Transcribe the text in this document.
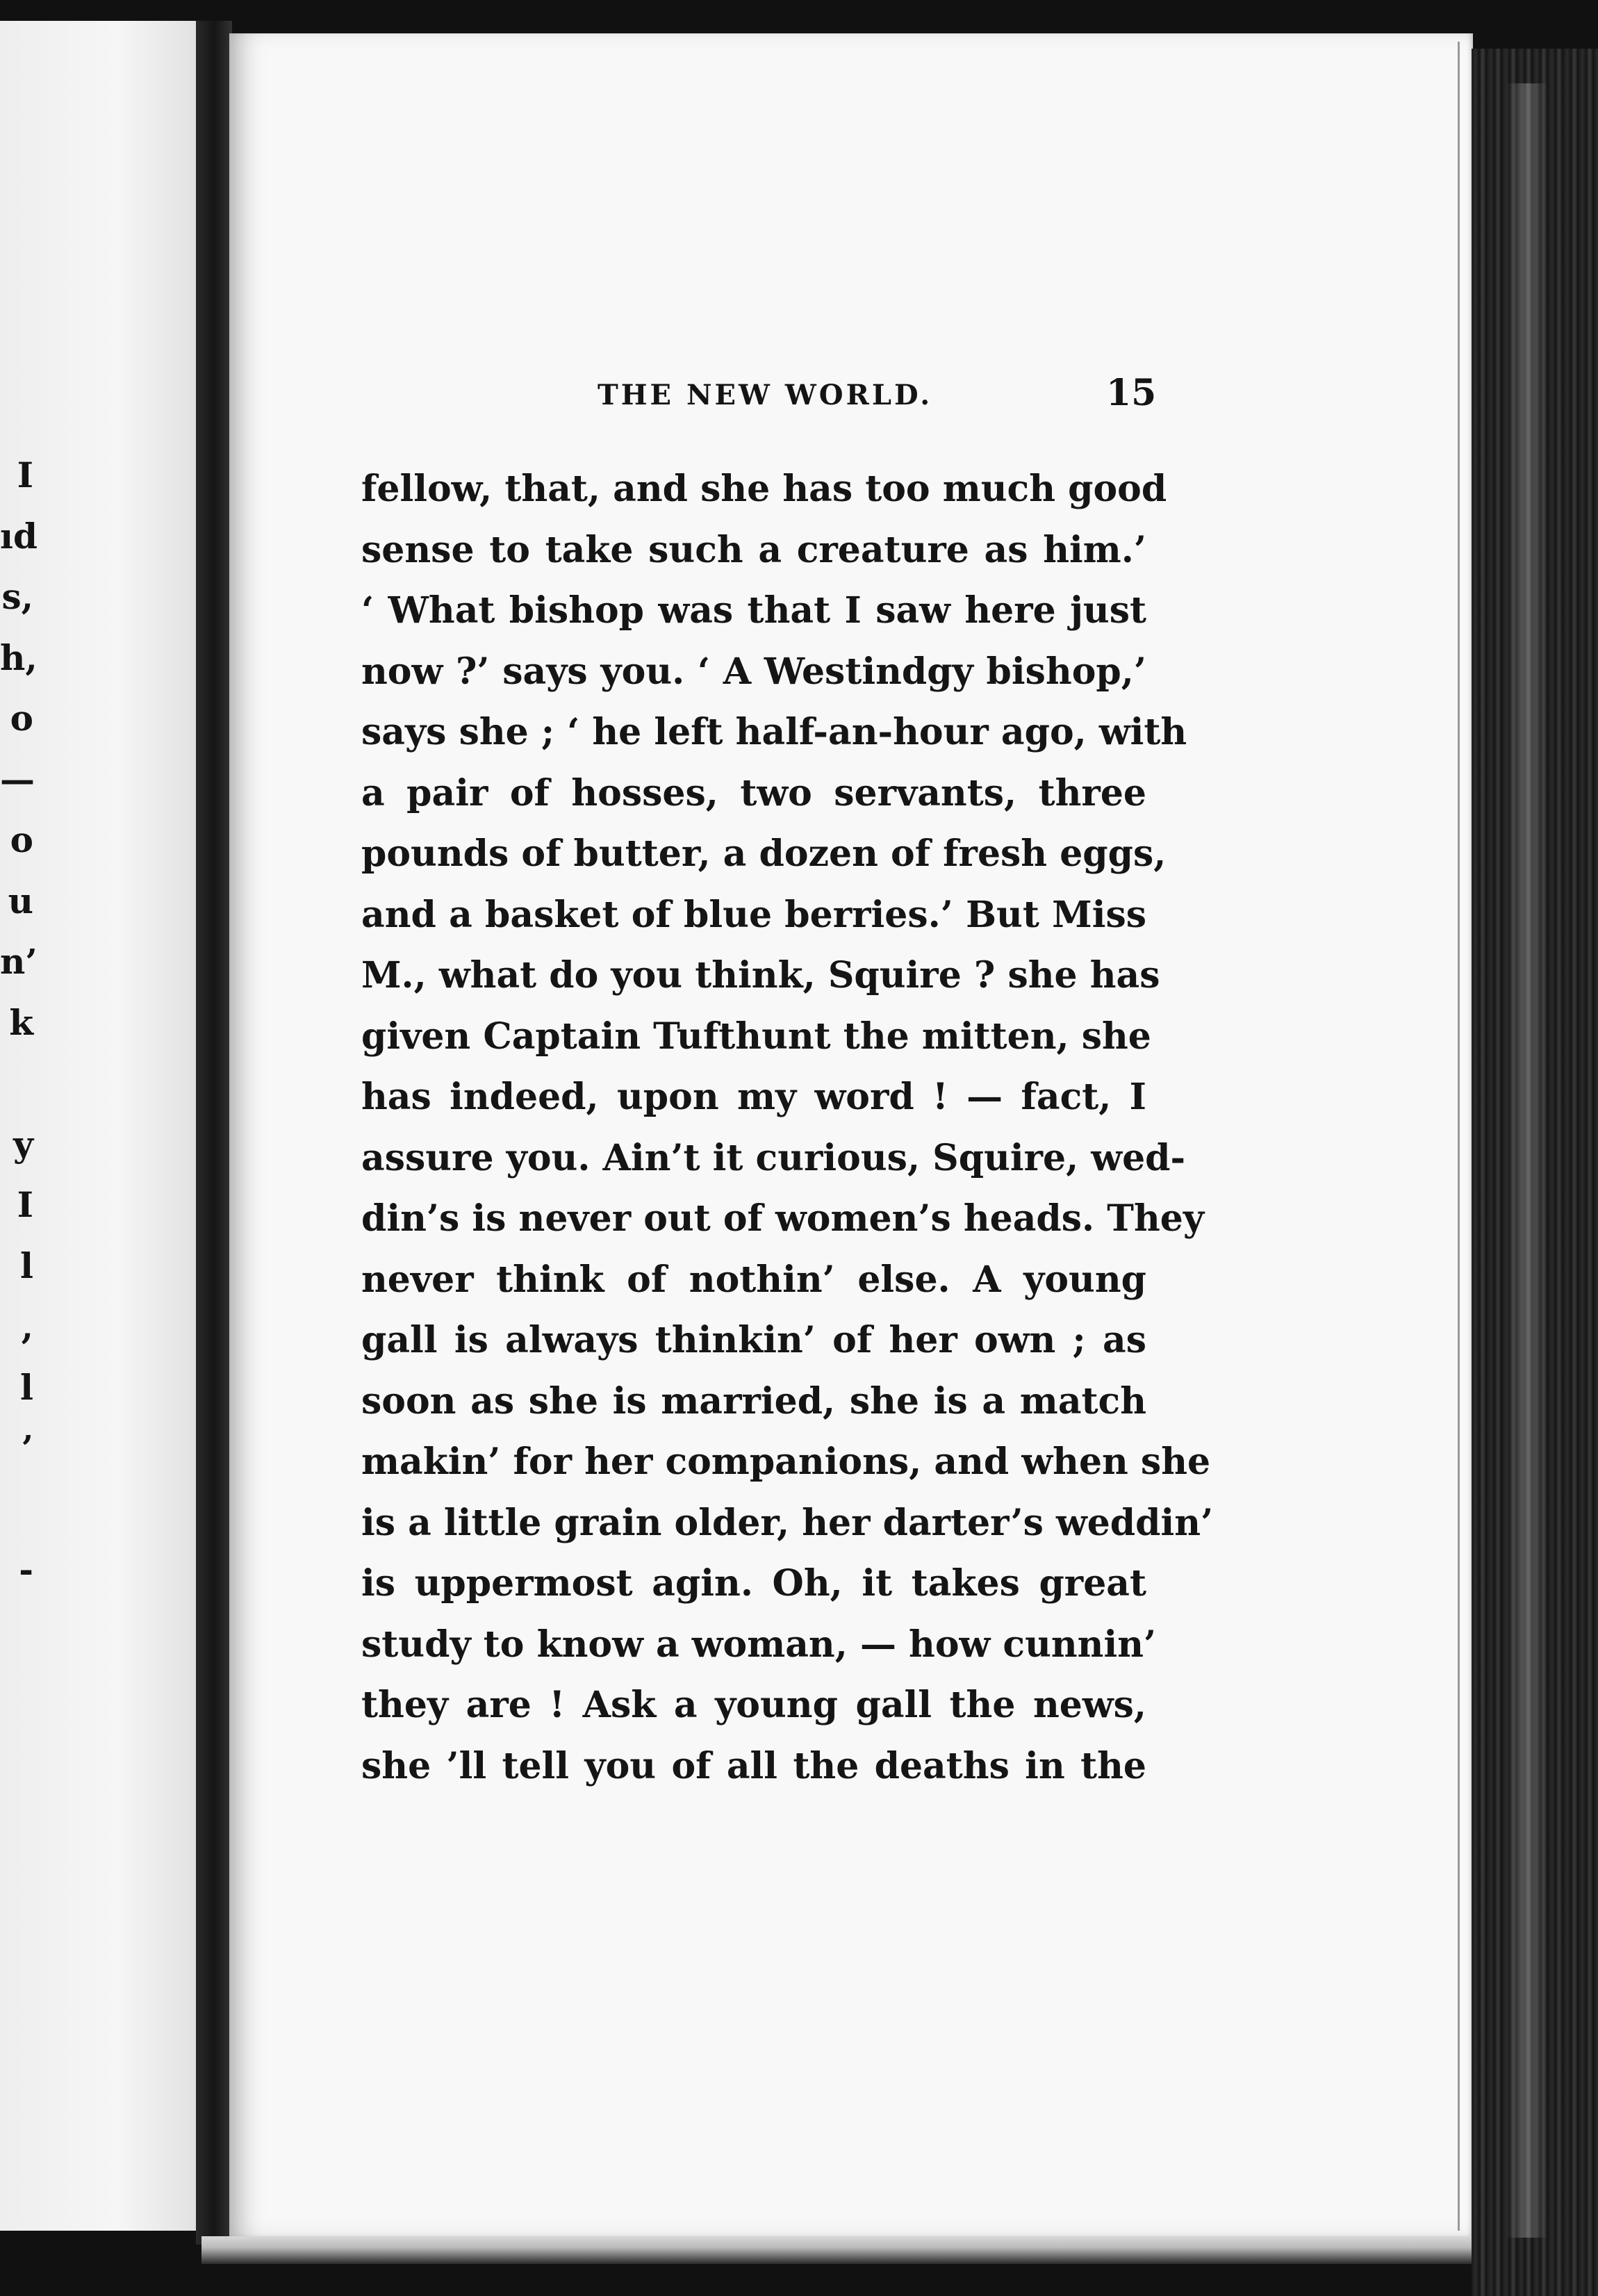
I
ıd
s,
h,
o
—
o
u
n’
k
y
I
l
,
l
’
-
THE NEW WORLD.	15
fellow, that, and she has too much good
sense to take such a creature as him.’
‘ What bishop was that I saw here just
now ?’ says you. ‘ A Westindgy bishop,’
says she ; ‘ he left half-an-hour ago, with
a pair of hosses, two servants, three
pounds of butter, a dozen of fresh eggs,
and a basket of blue berries.’ But Miss
M., what do you think, Squire ? she has
given Captain Tufthunt the mitten, she
has indeed, upon my word ! — fact, I
assure you. Ain’t it curious, Squire, wed-
din’s is never out of women’s heads. They
never think of nothin’ else. A young
gall is always thinkin’ of her own ; as
soon as she is married, she is a match
makin’ for her companions, and when she
is a little grain older, her darter’s weddin’
is uppermost agin. Oh, it takes great
study to know a woman, — how cunnin’
they are ! Ask a young gall the news,
she ’ll tell you of all the deaths in the
